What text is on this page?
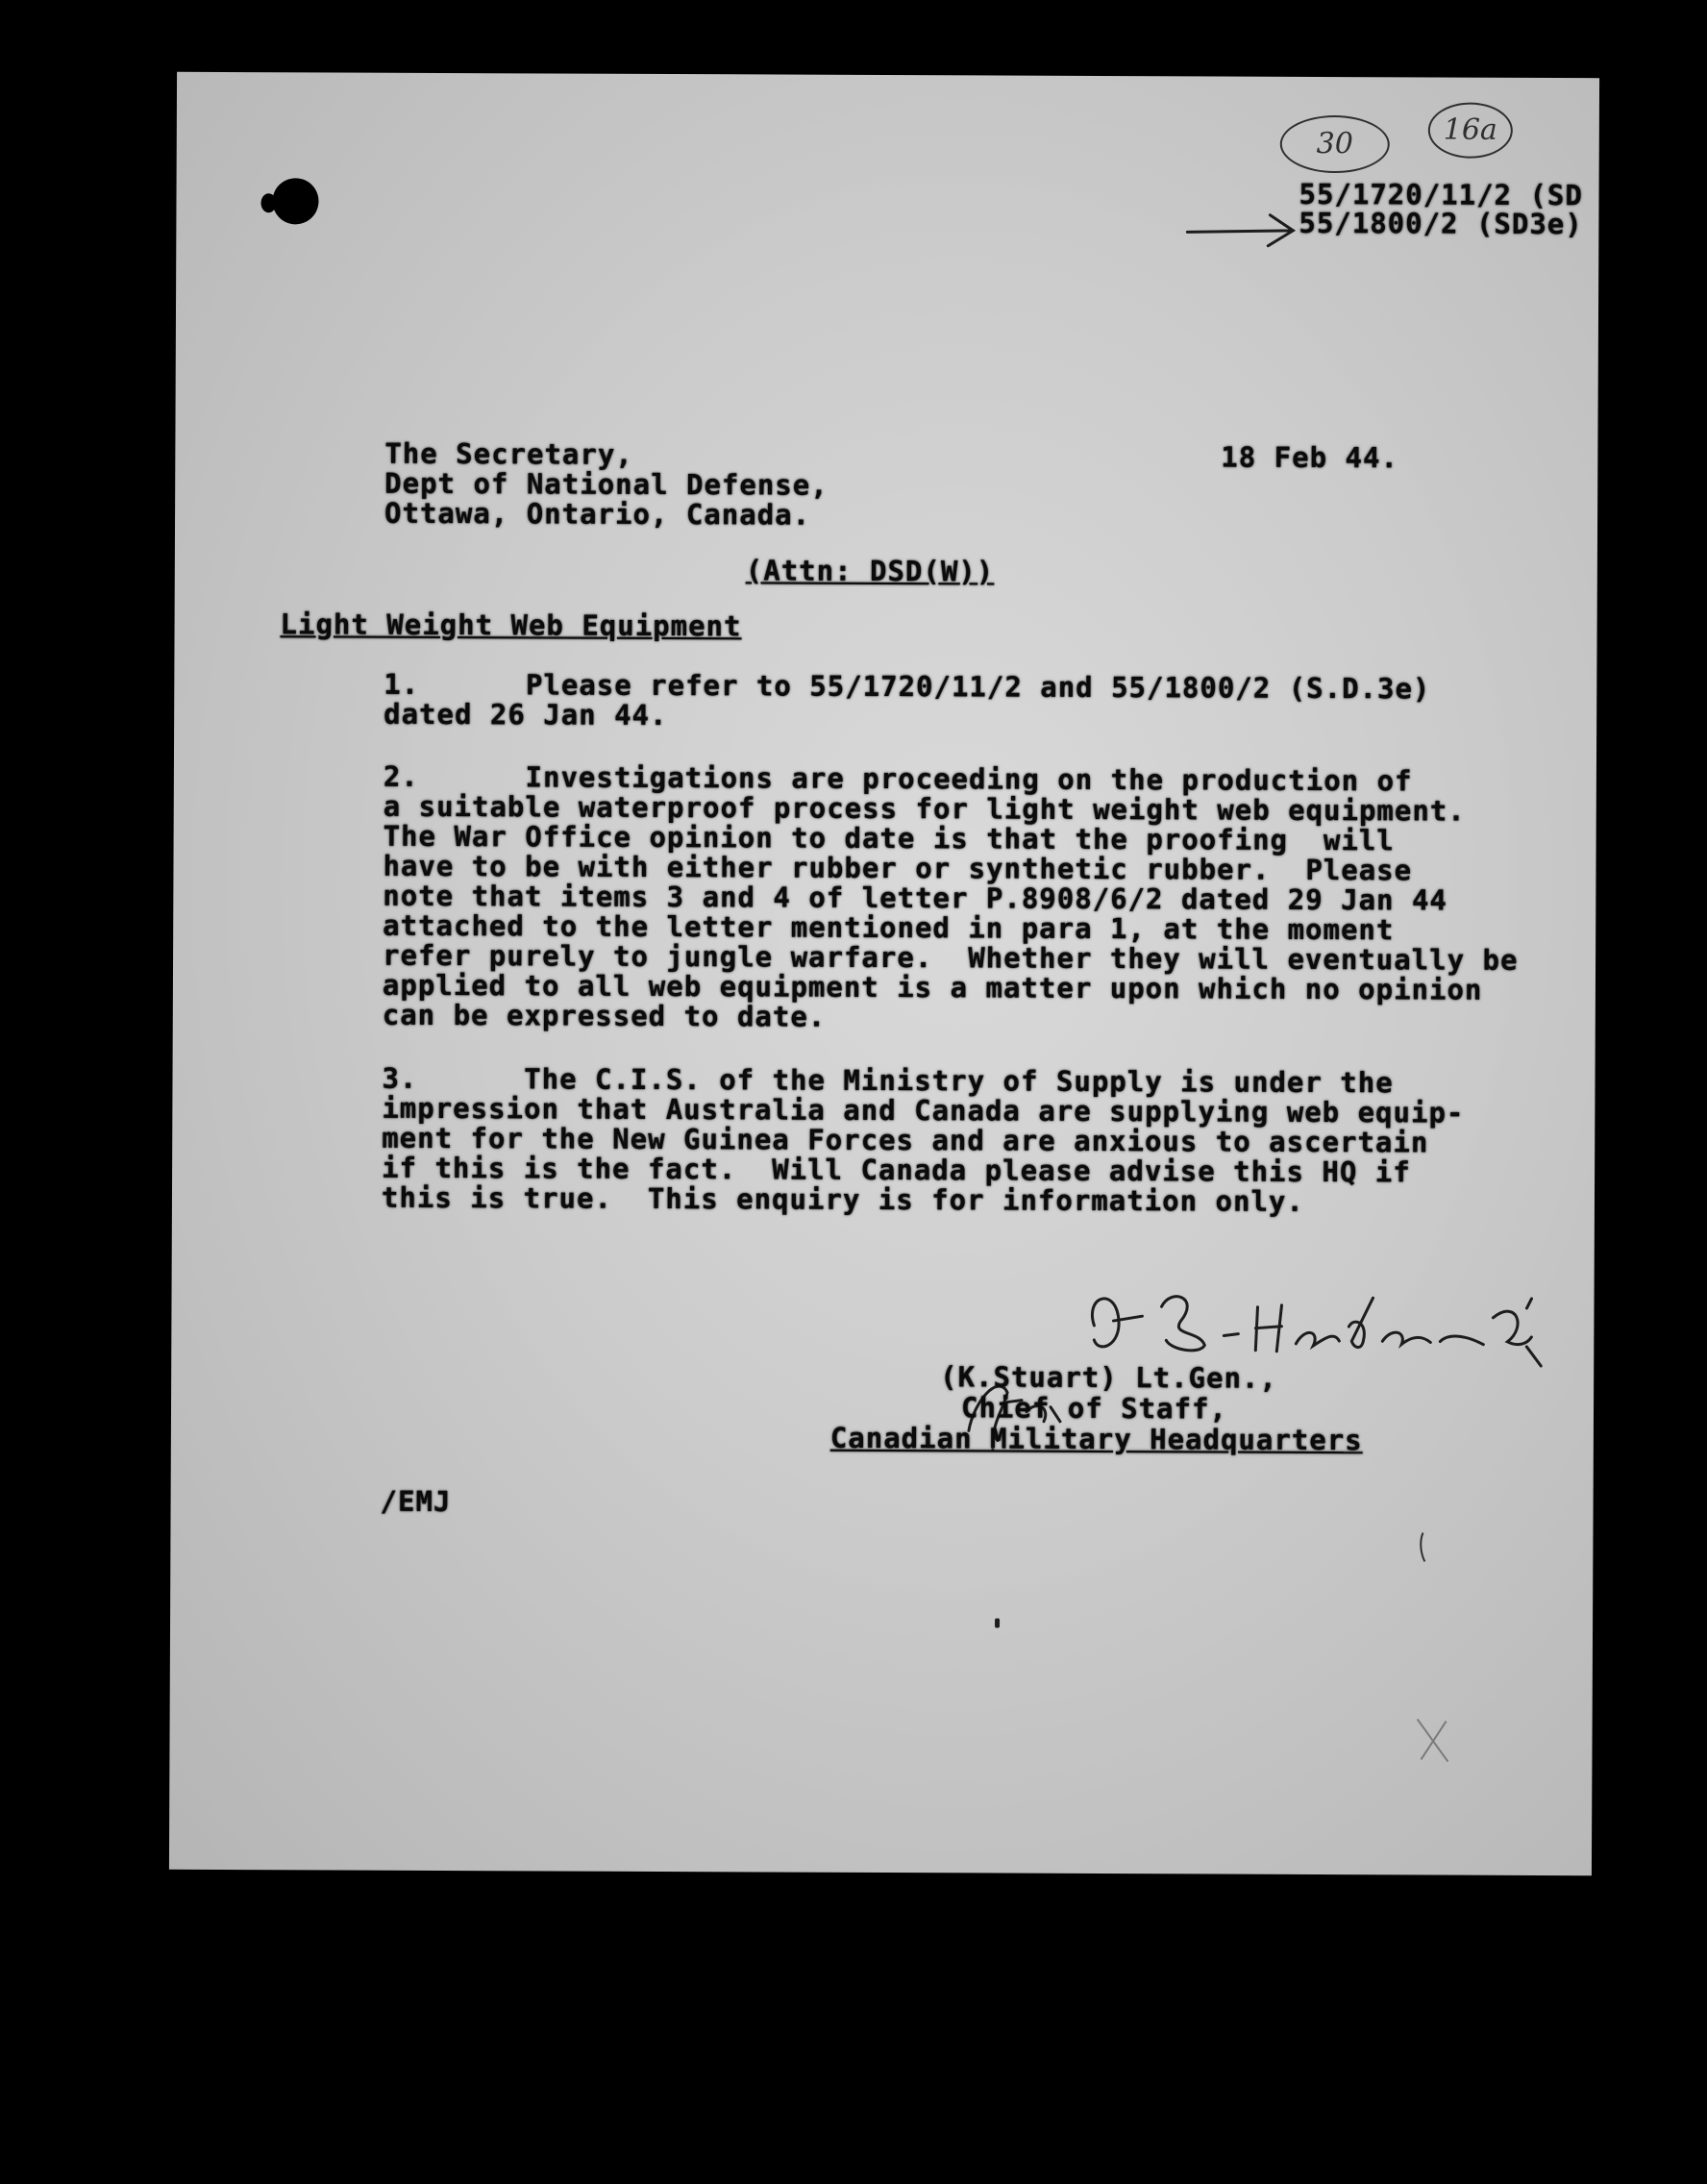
30	16a
55/1720/11/2 (SD
55/1800/2 (SD3e)
The Secretary,
Dept of National Defense,
Ottawa, Ontario, Canada.
18 Feb 44.
(Attn: DSD(W))
Light Weight Web Equipment
1.      Please refer to 55/1720/11/2 and 55/1800/2 (S.D.3e)
dated 26 Jan 44.
2.      Investigations are proceeding on the production of
a suitable waterproof process for light weight web equipment.
The War Office opinion to date is that the proofing  will
have to be with either rubber or synthetic rubber.  Please
note that items 3 and 4 of letter P.8908/6/2 dated 29 Jan 44
attached to the letter mentioned in para 1, at the moment
refer purely to jungle warfare.  Whether they will eventually be
applied to all web equipment is a matter upon which no opinion
can be expressed to date.
3.      The C.I.S. of the Ministry of Supply is under the
impression that Australia and Canada are supplying web equip-
ment for the New Guinea Forces and are anxious to ascertain
if this is the fact.  Will Canada please advise this HQ if
this is true.  This enquiry is for information only.
(K.Stuart) Lt.Gen.,
Chief of Staff,
Canadian Military Headquarters
/EMJ
